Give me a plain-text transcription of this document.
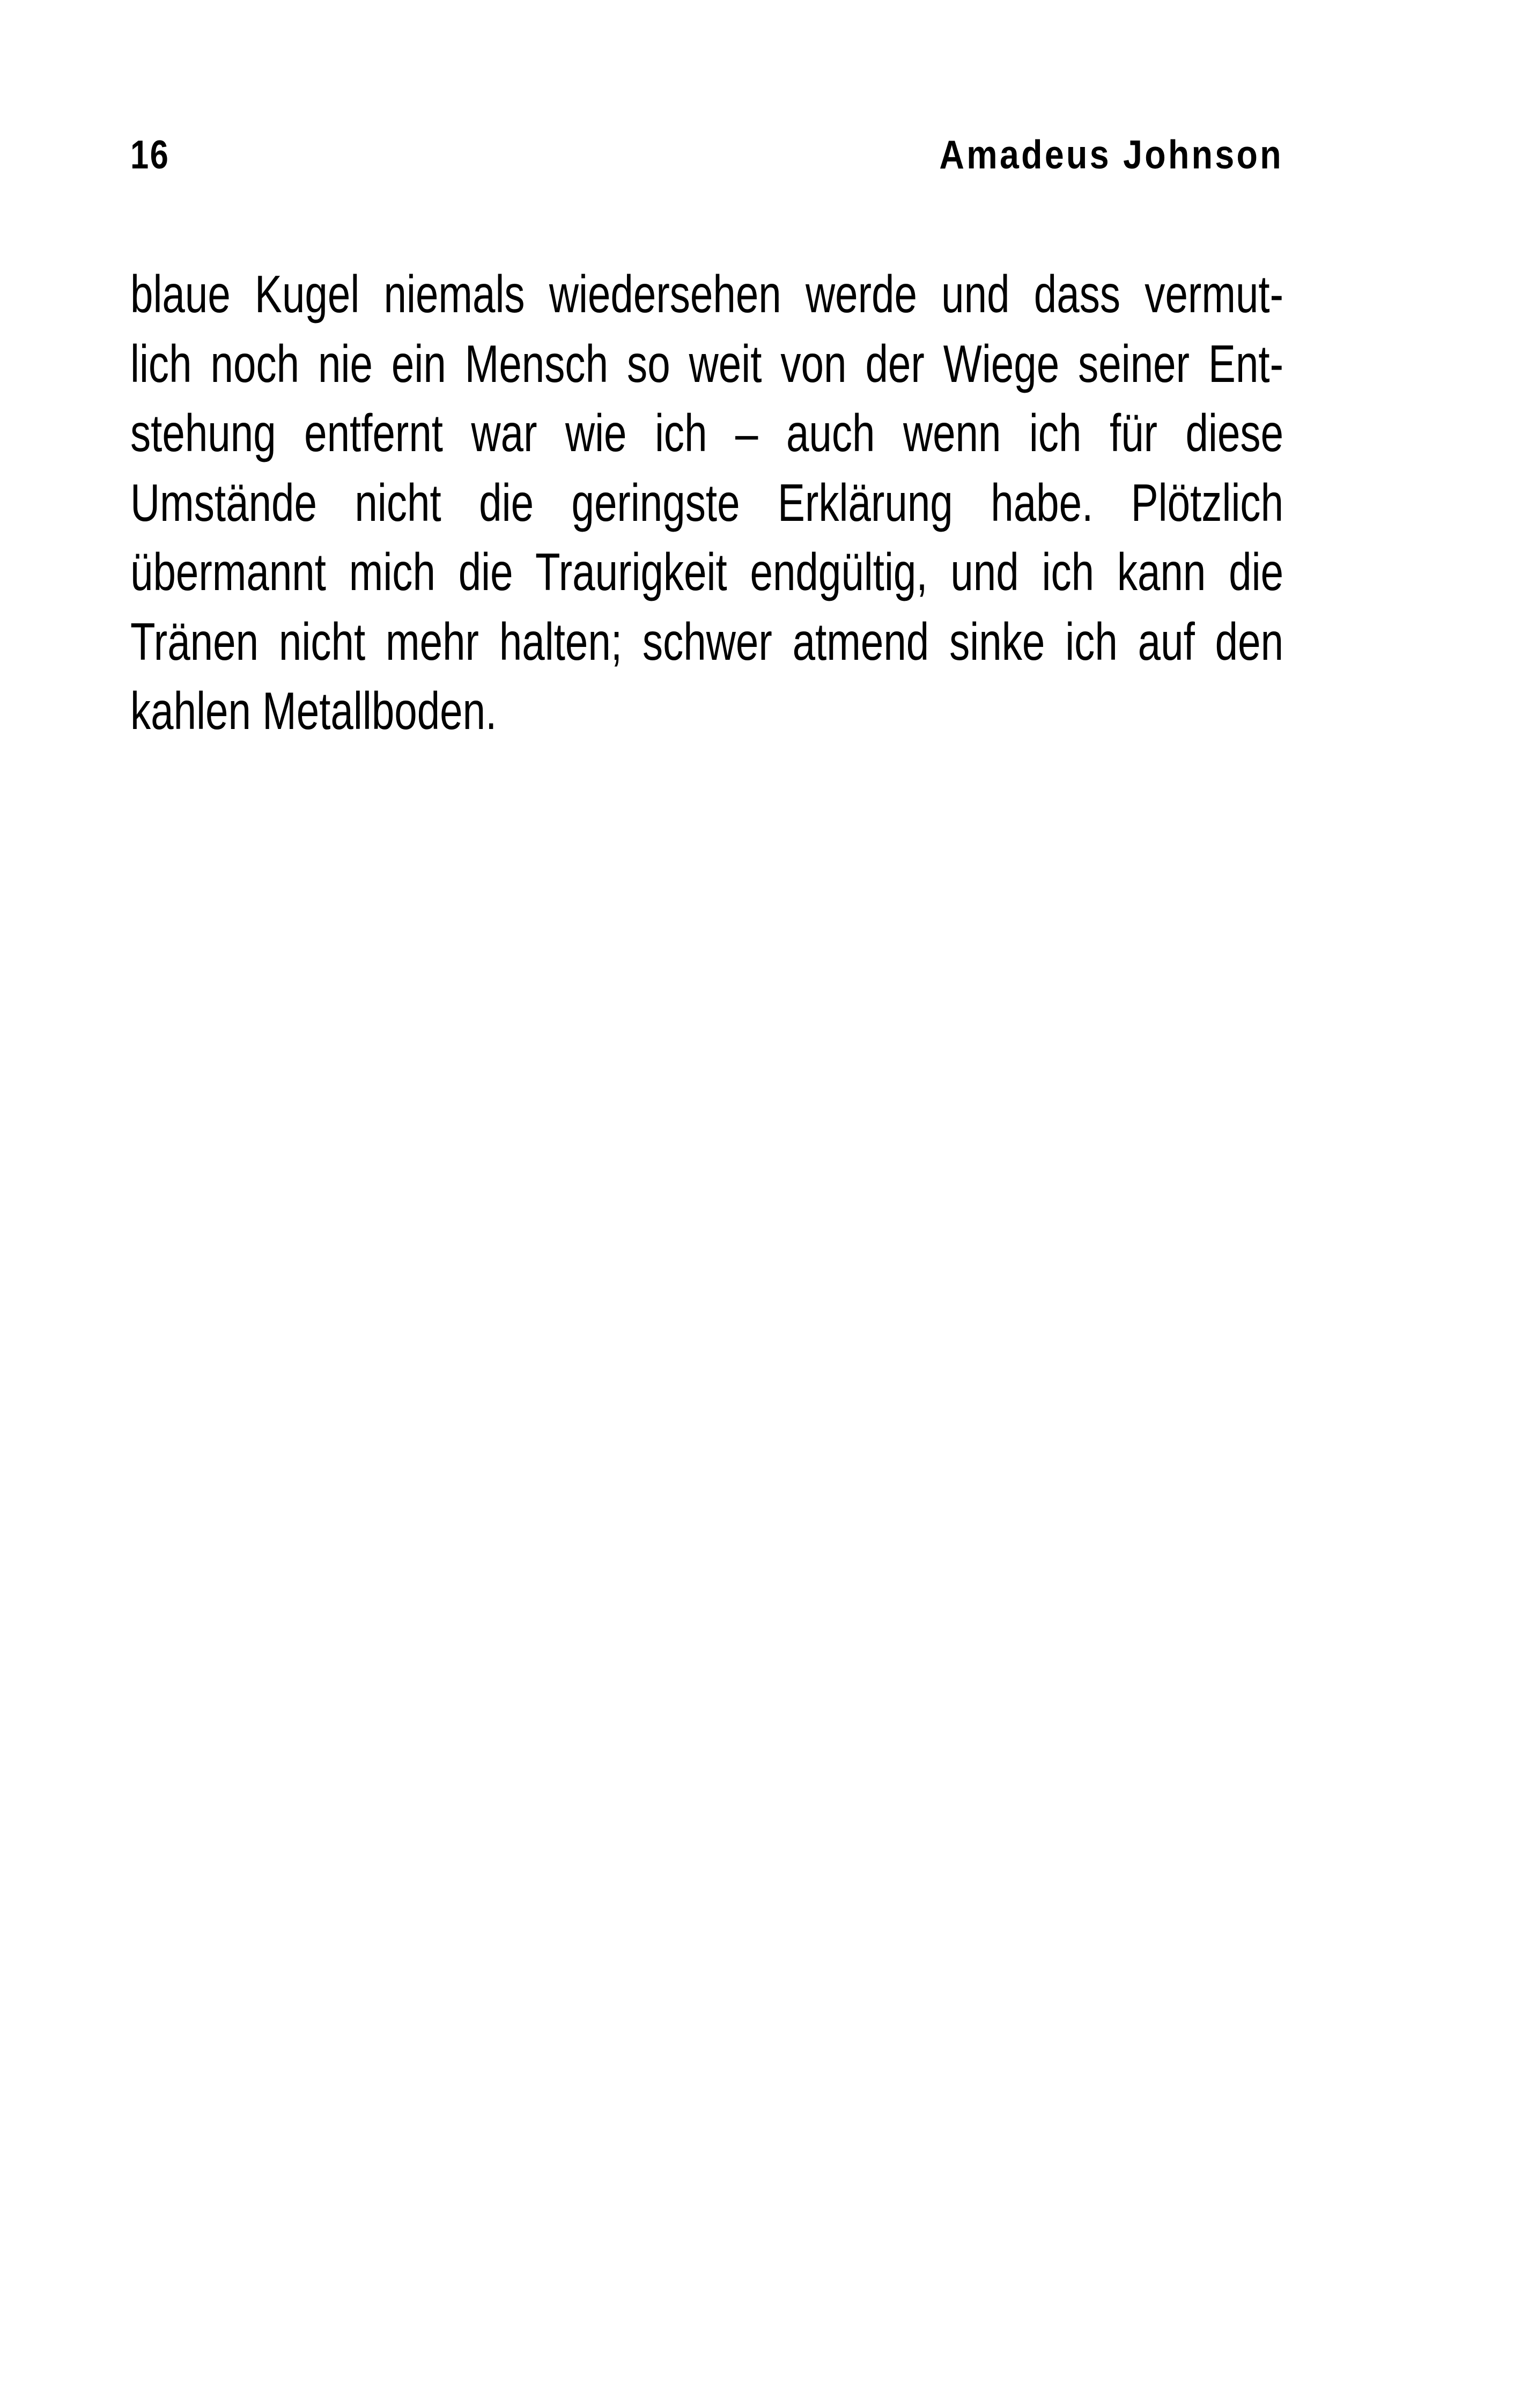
16	Amadeus Johnson
blaue Kugel niemals wiedersehen werde und dass vermut-
lich noch nie ein Mensch so weit von der Wiege seiner Ent-
stehung entfernt war wie ich – auch wenn ich für diese
Umstände nicht die geringste Erklärung habe. Plötzlich
übermannt mich die Traurigkeit endgültig, und ich kann die
Tränen nicht mehr halten; schwer atmend sinke ich auf den
kahlen Metallboden.
